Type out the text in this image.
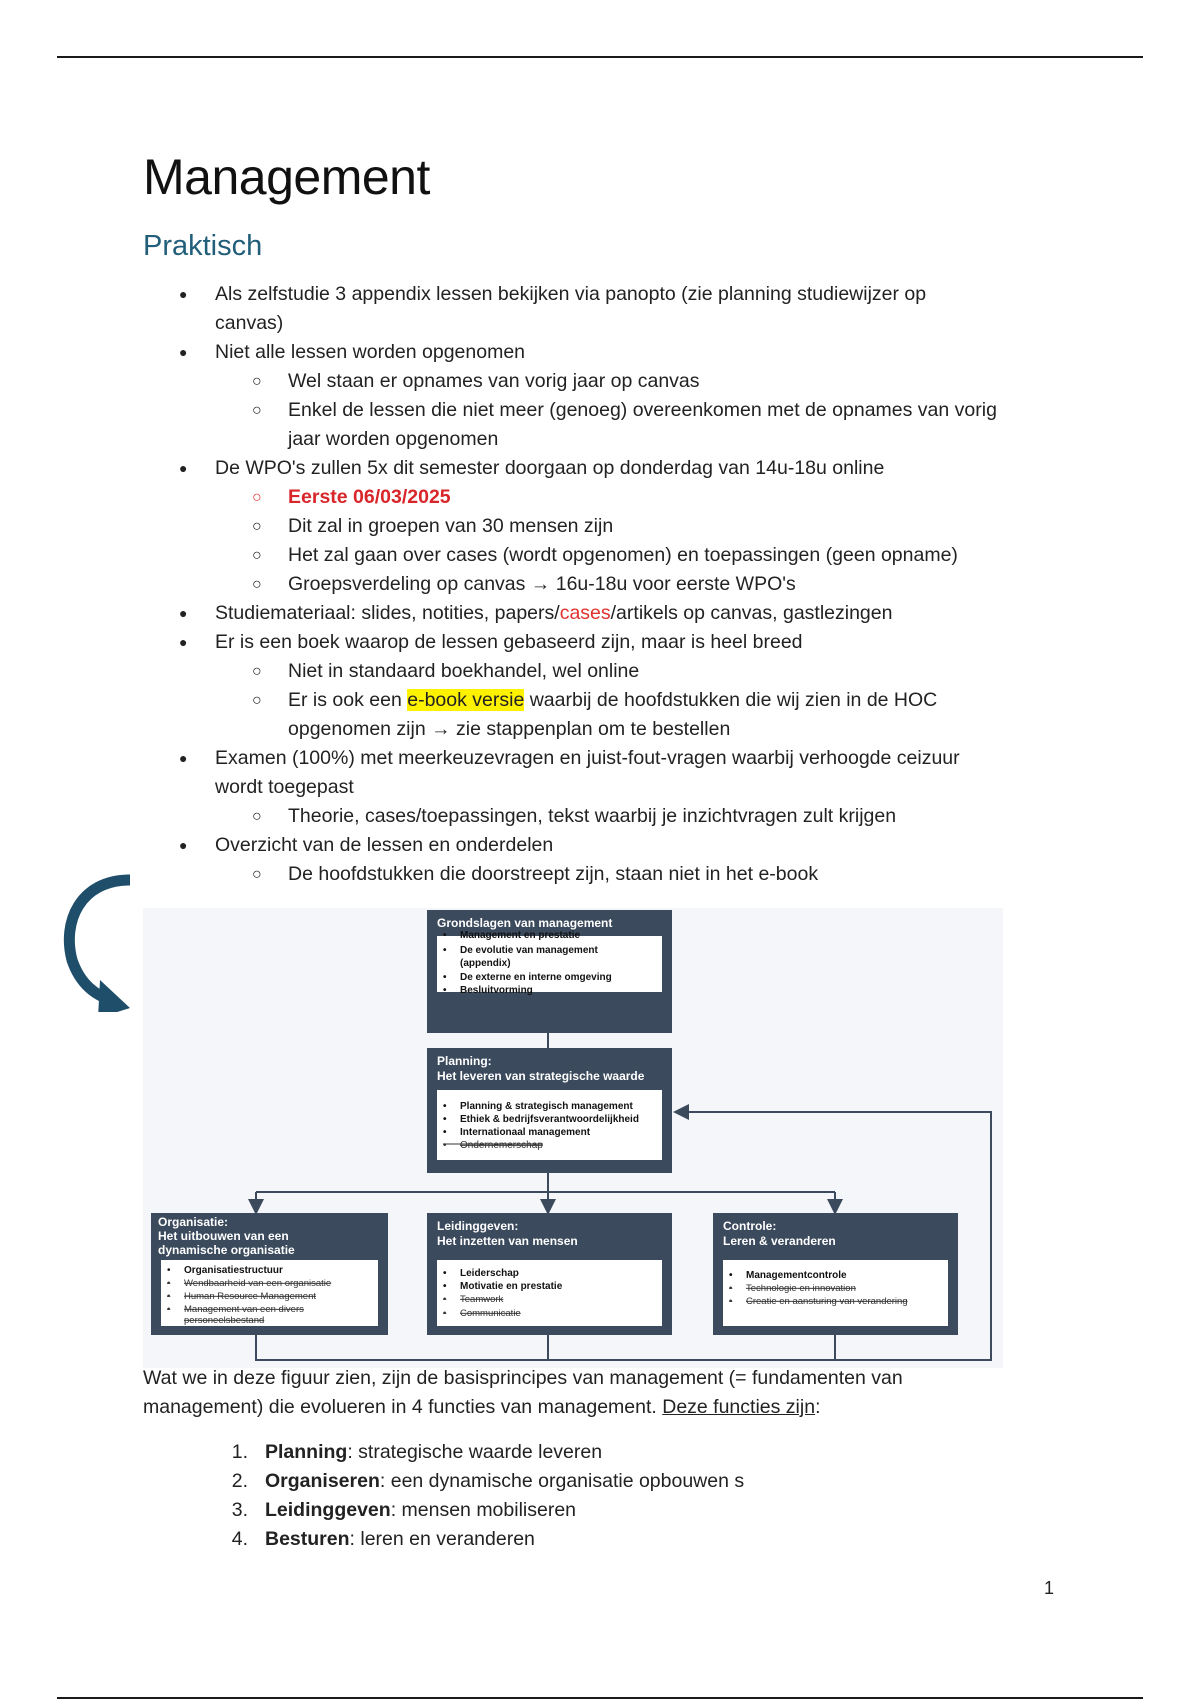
Management
Praktisch
● Als zelfstudie 3 appendix lessen bekijken via panopto (zie planning studiewijzer op
canvas)
● Niet alle lessen worden opgenomen
○ Wel staan er opnames van vorig jaar op canvas
○ Enkel de lessen die niet meer (genoeg) overeenkomen met de opnames van vorig
jaar worden opgenomen
● De WPO's zullen 5x dit semester doorgaan op donderdag van 14u-18u online
○ Eerste 06/03/2025
○ Dit zal in groepen van 30 mensen zijn
○ Het zal gaan over cases (wordt opgenomen) en toepassingen (geen opname)
○ Groepsverdeling op canvas → 16u-18u voor eerste WPO's
● Studiemateriaal: slides, notities, papers/cases/artikels op canvas, gastlezingen
● Er is een boek waarop de lessen gebaseerd zijn, maar is heel breed
○ Niet in standaard boekhandel, wel online
○ Er is ook een e-book versie waarbij de hoofdstukken die wij zien in de HOC
opgenomen zijn → zie stappenplan om te bestellen
● Examen (100%) met meerkeuzevragen en juist-fout-vragen waarbij verhoogde ceizuur
wordt toegepast
○ Theorie, cases/toepassingen, tekst waarbij je inzichtvragen zult krijgen
● Overzicht van de lessen en onderdelen
○ De hoofdstukken die doorstreept zijn, staan niet in het e-book
Grondslagen van management
• Management en prestatie
• De evolutie van management
(appendix)
• De externe en interne omgeving
• Besluitvorming
Planning:
Het leveren van strategische waarde
• Planning & strategisch management
• Ethiek & bedrijfsverantwoordelijkheid
• Internationaal management
• Ondernemerschap
Organisatie:
Het uitbouwen van een
dynamische organisatie
• Organisatiestructuur
• Wendbaarheid van een organisatie
• Human Resource Management
• Management van een divers
personeelsbestand
Leidinggeven:
Het inzetten van mensen
• Leiderschap
• Motivatie en prestatie
• Teamwork
• Communicatie
Controle:
Leren & veranderen
• Managementcontrole
• Technologie en innovation
• Creatie en aansturing van verandering
Wat we in deze figuur zien, zijn de basisprincipes van management (= fundamenten van
management) die evolueren in 4 functies van management. Deze functies zijn:
1. Planning: strategische waarde leveren
2. Organiseren: een dynamische organisatie opbouwen s
3. Leidinggeven: mensen mobiliseren
4. Besturen: leren en veranderen
1
